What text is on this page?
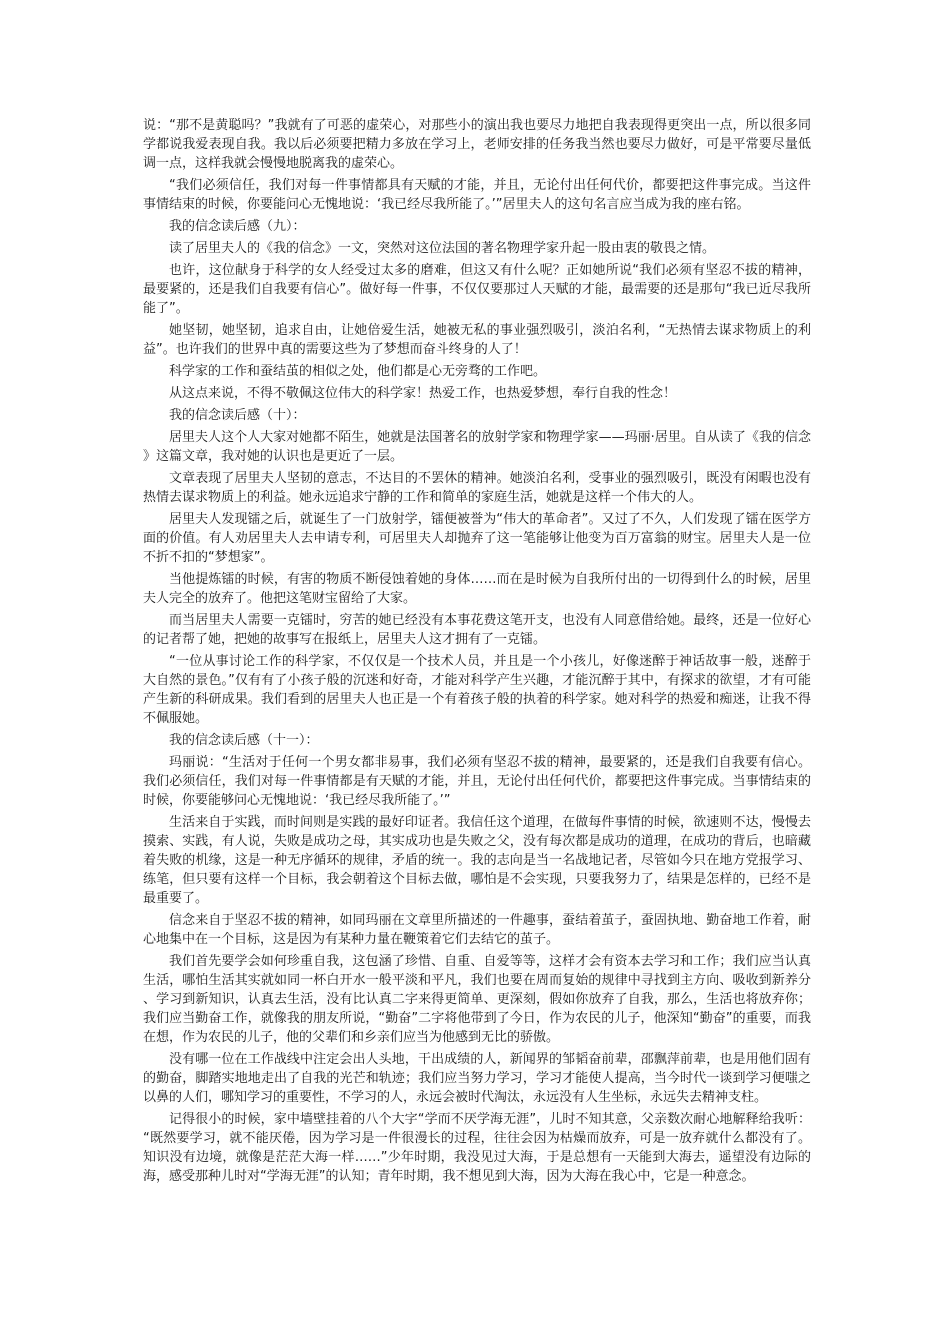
说：“那不是黄聪吗？”我就有了可恶的虚荣心，对那些小的演出我也要尽力地把自我表现得更突出一点，所以很多同学都说我爱表现自我。我以后必须要把精力多放在学习上，老师安排的任务我当然也要尽力做好，可是平常要尽量低调一点，这样我就会慢慢地脱离我的虚荣心。

“我们必须信任，我们对每一件事情都具有天赋的才能，并且，无论付出任何代价，都要把这件事完成。当这件事情结束的时候，你要能问心无愧地说：‘我已经尽我所能了。’”居里夫人的这句名言应当成为我的座右铭。

我的信念读后感（九）：

读了居里夫人的《我的信念》一文，突然对这位法国的著名物理学家升起一股由衷的敬畏之情。

也许，这位献身于科学的女人经受过太多的磨难，但这又有什么呢？正如她所说“我们必须有坚忍不拔的精神，最要紧的，还是我们自我要有信心”。做好每一件事，不仅仅要那过人天赋的才能，最需要的还是那句“我已近尽我所能了”。

她坚韧，她坚韧，追求自由，让她倍爱生活，她被无私的事业强烈吸引，淡泊名利，“无热情去谋求物质上的利益”。也许我们的世界中真的需要这些为了梦想而奋斗终身的人了！

科学家的工作和蚕结茧的相似之处，他们都是心无旁骛的工作吧。

从这点来说，不得不敬佩这位伟大的科学家！热爱工作，也热爱梦想，奉行自我的性念！

我的信念读后感（十）：

居里夫人这个人大家对她都不陌生，她就是法国著名的放射学家和物理学家——玛丽·居里。自从读了《我的信念》这篇文章，我对她的认识也是更近了一层。

文章表现了居里夫人坚韧的意志，不达目的不罢休的精神。她淡泊名利，受事业的强烈吸引，既没有闲暇也没有热情去谋求物质上的利益。她永远追求宁静的工作和简单的家庭生活，她就是这样一个伟大的人。

居里夫人发现镭之后，就诞生了一门放射学，镭便被誉为“伟大的革命者”。又过了不久，人们发现了镭在医学方面的价值。有人劝居里夫人去申请专利，可居里夫人却抛弃了这一笔能够让他变为百万富翁的财宝。居里夫人是一位不折不扣的“梦想家”。

当他提炼镭的时候，有害的物质不断侵蚀着她的身体……而在是时候为自我所付出的一切得到什么的时候，居里夫人完全的放弃了。他把这笔财宝留给了大家。

而当居里夫人需要一克镭时，穷苦的她已经没有本事花费这笔开支，也没有人同意借给她。最终，还是一位好心的记者帮了她，把她的故事写在报纸上，居里夫人这才拥有了一克镭。

“一位从事讨论工作的科学家，不仅仅是一个技术人员，并且是一个小孩儿，好像迷醉于神话故事一般，迷醉于大自然的景色。”仅有有了小孩子般的沉迷和好奇，才能对科学产生兴趣，才能沉醉于其中，有探求的欲望，才有可能产生新的科研成果。我们看到的居里夫人也正是一个有着孩子般的执着的科学家。她对科学的热爱和痴迷，让我不得不佩服她。

我的信念读后感（十一）：

玛丽说：“生活对于任何一个男女都非易事，我们必须有坚忍不拔的精神，最要紧的，还是我们自我要有信心。我们必须信任，我们对每一件事情都是有天赋的才能，并且，无论付出任何代价，都要把这件事完成。当事情结束的时候，你要能够问心无愧地说：‘我已经尽我所能了。’”

生活来自于实践，而时间则是实践的最好印证者。我信任这个道理，在做每件事情的时候，欲速则不达，慢慢去摸索、实践，有人说，失败是成功之母，其实成功也是失败之父，没有每次都是成功的道理，在成功的背后，也暗藏着失败的机缘，这是一种无序循环的规律，矛盾的统一。我的志向是当一名战地记者，尽管如今只在地方党报学习、练笔，但只要有这样一个目标，我会朝着这个目标去做，哪怕是不会实现，只要我努力了，结果是怎样的，已经不是最重要了。

信念来自于坚忍不拔的精神，如同玛丽在文章里所描述的一件趣事，蚕结着茧子，蚕固执地、勤奋地工作着，耐心地集中在一个目标，这是因为有某种力量在鞭策着它们去结它的茧子。

我们首先要学会如何珍重自我，这包涵了珍惜、自重、自爱等等，这样才会有资本去学习和工作；我们应当认真生活，哪怕生活其实就如同一杯白开水一般平淡和平凡，我们也要在周而复始的规律中寻找到主方向、吸收到新养分、学习到新知识，认真去生活，没有比认真二字来得更简单、更深刻，假如你放弃了自我，那么，生活也将放弃你；我们应当勤奋工作，就像我的朋友所说，“勤奋”二字将他带到了今日，作为农民的儿子，他深知“勤奋”的重要，而我在想，作为农民的儿子，他的父辈们和乡亲们应当为他感到无比的骄傲。

没有哪一位在工作战线中注定会出人头地，干出成绩的人，新闻界的邹韬奋前辈，邵飘萍前辈，也是用他们固有的勤奋，脚踏实地地走出了自我的光芒和轨迹；我们应当努力学习，学习才能使人提高，当今时代一谈到学习便嗤之以鼻的人们，哪知学习的重要性，不学习的人，永远会被时代淘汰，永远没有人生坐标，永远失去精神支柱。

记得很小的时候，家中墙壁挂着的八个大字“学而不厌学海无涯”，儿时不知其意，父亲数次耐心地解释给我听：“既然要学习，就不能厌倦，因为学习是一件很漫长的过程，往往会因为枯燥而放弃，可是一放弃就什么都没有了。知识没有边境，就像是茫茫大海一样……”少年时期，我没见过大海，于是总想有一天能到大海去，遥望没有边际的海，感受那种儿时对“学海无涯”的认知；青年时期，我不想见到大海，因为大海在我心中，它是一种意念。
